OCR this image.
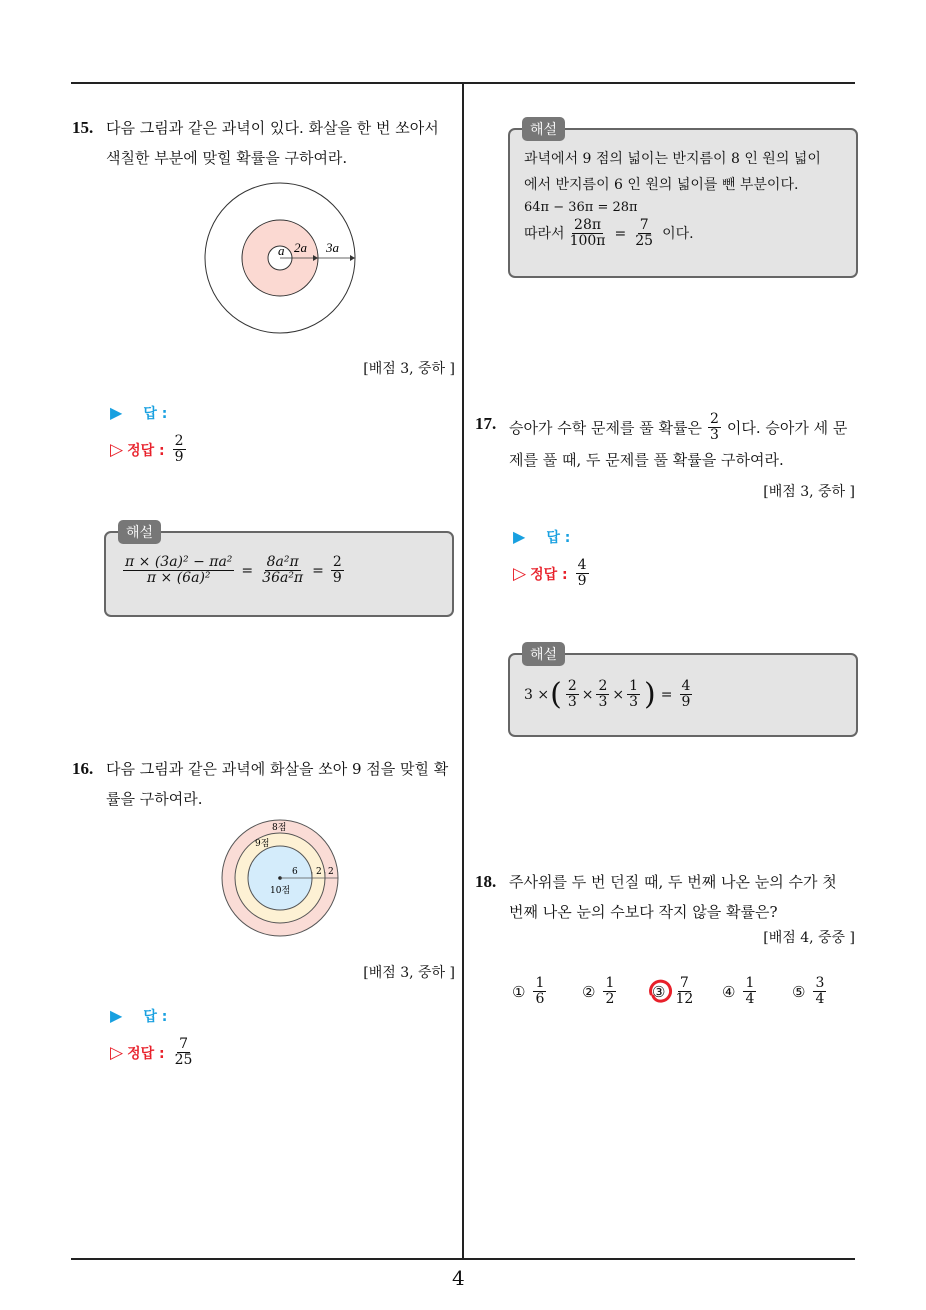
4
15. 다음 그림과 같은 과녁이 있다. 화살을 한 번 쏘아서
색칠한 부분에 맞힐 확률을 구하여라.
a 2a 3a
[배점 3, 중하 ]
▶ 답 :
▷ 정답 : $\frac{2}{9}$
해설
$\frac{\text{π × (3a)² − πa²}}{\text{π × (6a)²}} = \frac{\text{8a²π}}{\text{36a²π}} = \frac{2}{9}$
16. 다음 그림과 같은 과녁에 화살을 쏘아 9 점을 맞힐 확
률을 구하여라.
8점
9점
10점
6 2 2
[배점 3, 중하 ]
▶ 답 :
▷ 정답 : $\frac{7}{25}$
해설
과녁에서 9 점의 넓이는 반지름이 8 인 원의 넓이
에서 반지름이 6 인 원의 넓이를 뺀 부분이다.
64π − 36π = 28π
따라서 $\frac{28\pi}{100\pi} = \frac{7}{25}$ 이다.
17. 승아가 수학 문제를 풀 확률은 $\frac{2}{3}$ 이다. 승아가 세 문
제를 풀 때, 두 문제를 풀 확률을 구하여라.
[배점 3, 중하 ]
▶ 답 :
▷ 정답 : $\frac{4}{9}$
해설
3 × ( $\frac{2}{3} \times \frac{2}{3} \times \frac{1}{3}$ ) = $\frac{4}{9}$
18. 주사위를 두 번 던질 때, 두 번째 나온 눈의 수가 첫
번째 나온 눈의 수보다 작지 않을 확률은?
[배점 4, 중중 ]
① $\frac{1}{6}$ ② $\frac{1}{2}$ ③ $\frac{7}{12}$ ④ $\frac{1}{4}$ ⑤ $\frac{3}{4}$
